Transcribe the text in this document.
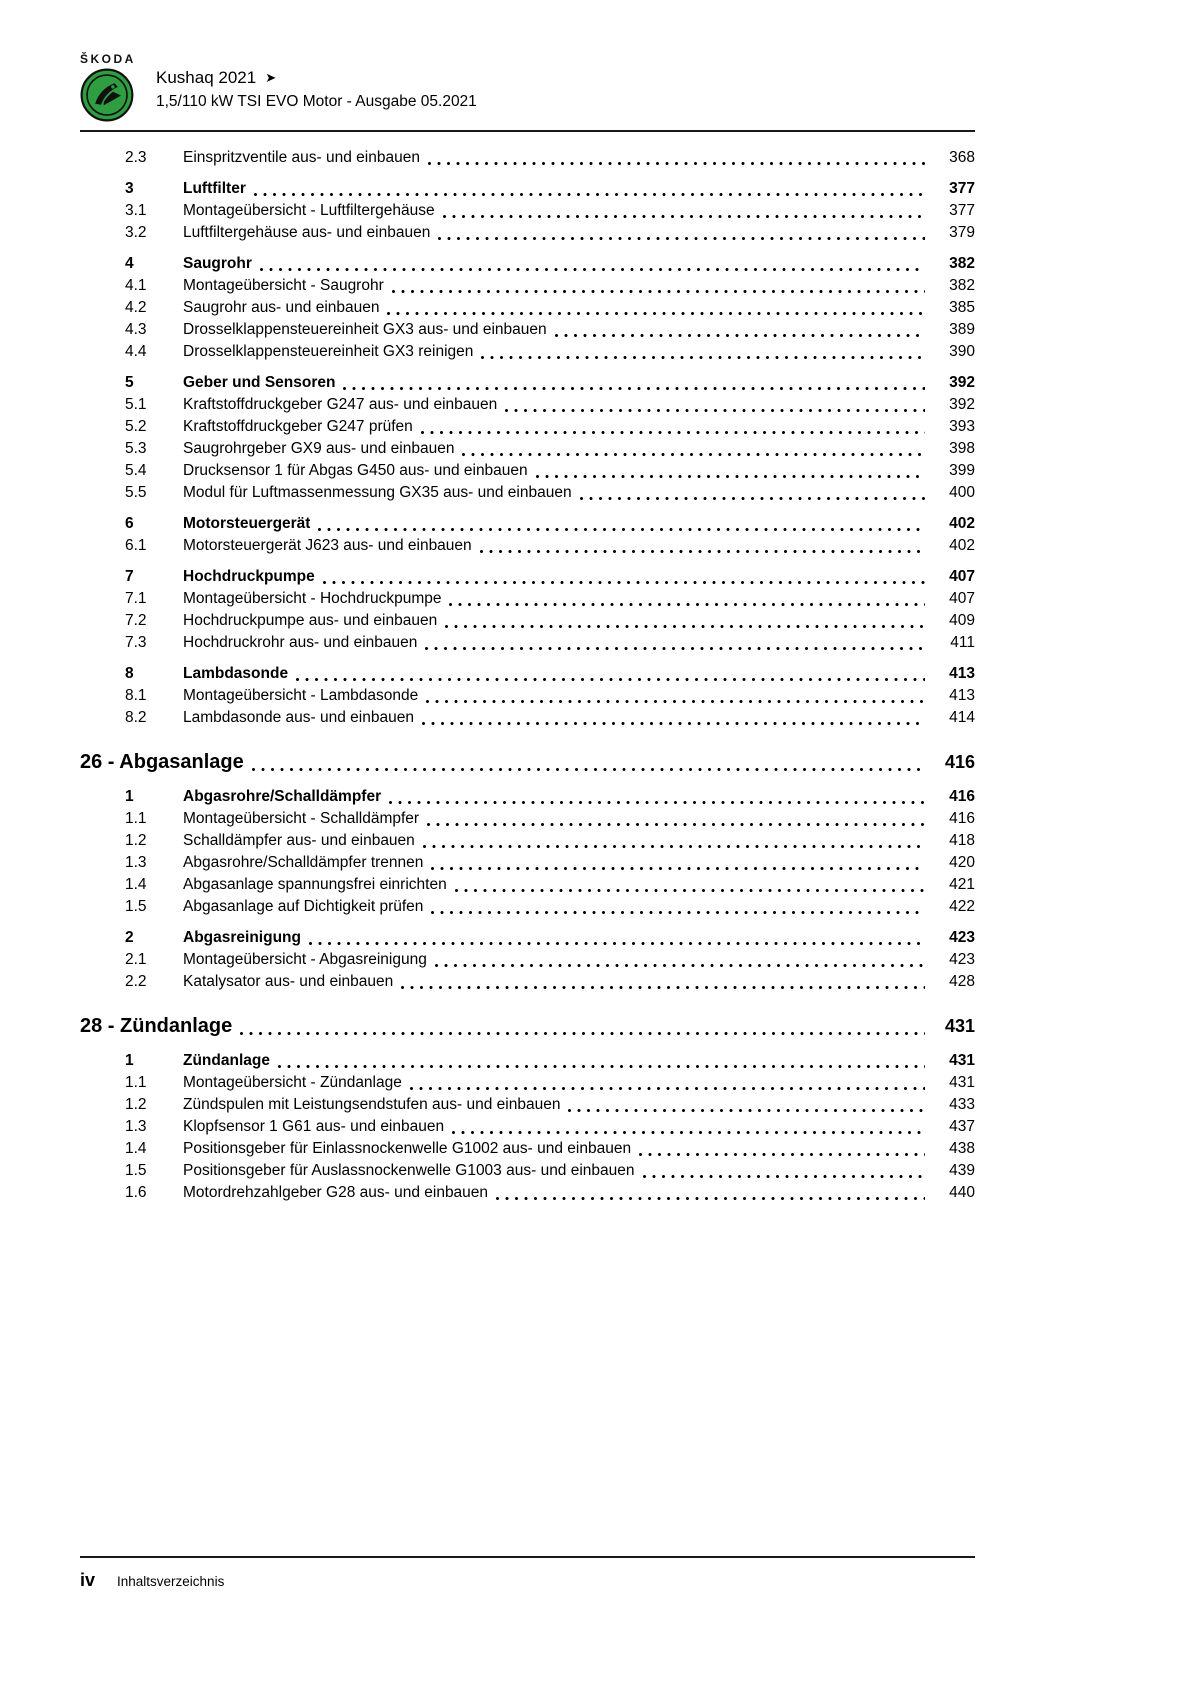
ŠKODA
Kushaq 2021 ➤
1,5/110 kW TSI EVO Motor - Ausgabe 05.2021
2.3	Einspritzventile aus- und einbauen	368
3	Luftfilter	377
3.1	Montageübersicht - Luftfiltergehäuse	377
3.2	Luftfiltergehäuse aus- und einbauen	379
4	Saugrohr	382
4.1	Montageübersicht - Saugrohr	382
4.2	Saugrohr aus- und einbauen	385
4.3	Drosselklappensteuereinheit GX3 aus- und einbauen	389
4.4	Drosselklappensteuereinheit GX3 reinigen	390
5	Geber und Sensoren	392
5.1	Kraftstoffdruckgeber G247 aus- und einbauen	392
5.2	Kraftstoffdruckgeber G247 prüfen	393
5.3	Saugrohrgeber GX9 aus- und einbauen	398
5.4	Drucksensor 1 für Abgas G450 aus- und einbauen	399
5.5	Modul für Luftmassenmessung GX35 aus- und einbauen	400
6	Motorsteuergerät	402
6.1	Motorsteuergerät J623 aus- und einbauen	402
7	Hochdruckpumpe	407
7.1	Montageübersicht - Hochdruckpumpe	407
7.2	Hochdruckpumpe aus- und einbauen	409
7.3	Hochdruckrohr aus- und einbauen	411
8	Lambdasonde	413
8.1	Montageübersicht - Lambdasonde	413
8.2	Lambdasonde aus- und einbauen	414
26 - Abgasanlage	416
1	Abgasrohre/Schalldämpfer	416
1.1	Montageübersicht - Schalldämpfer	416
1.2	Schalldämpfer aus- und einbauen	418
1.3	Abgasrohre/Schalldämpfer trennen	420
1.4	Abgasanlage spannungsfrei einrichten	421
1.5	Abgasanlage auf Dichtigkeit prüfen	422
2	Abgasreinigung	423
2.1	Montageübersicht - Abgasreinigung	423
2.2	Katalysator aus- und einbauen	428
28 - Zündanlage	431
1	Zündanlage	431
1.1	Montageübersicht - Zündanlage	431
1.2	Zündspulen mit Leistungsendstufen aus- und einbauen	433
1.3	Klopfsensor 1 G61 aus- und einbauen	437
1.4	Positionsgeber für Einlassnockenwelle G1002 aus- und einbauen	438
1.5	Positionsgeber für Auslassnockenwelle G1003 aus- und einbauen	439
1.6	Motordrehzahlgeber G28 aus- und einbauen	440
iv Inhaltsverzeichnis
